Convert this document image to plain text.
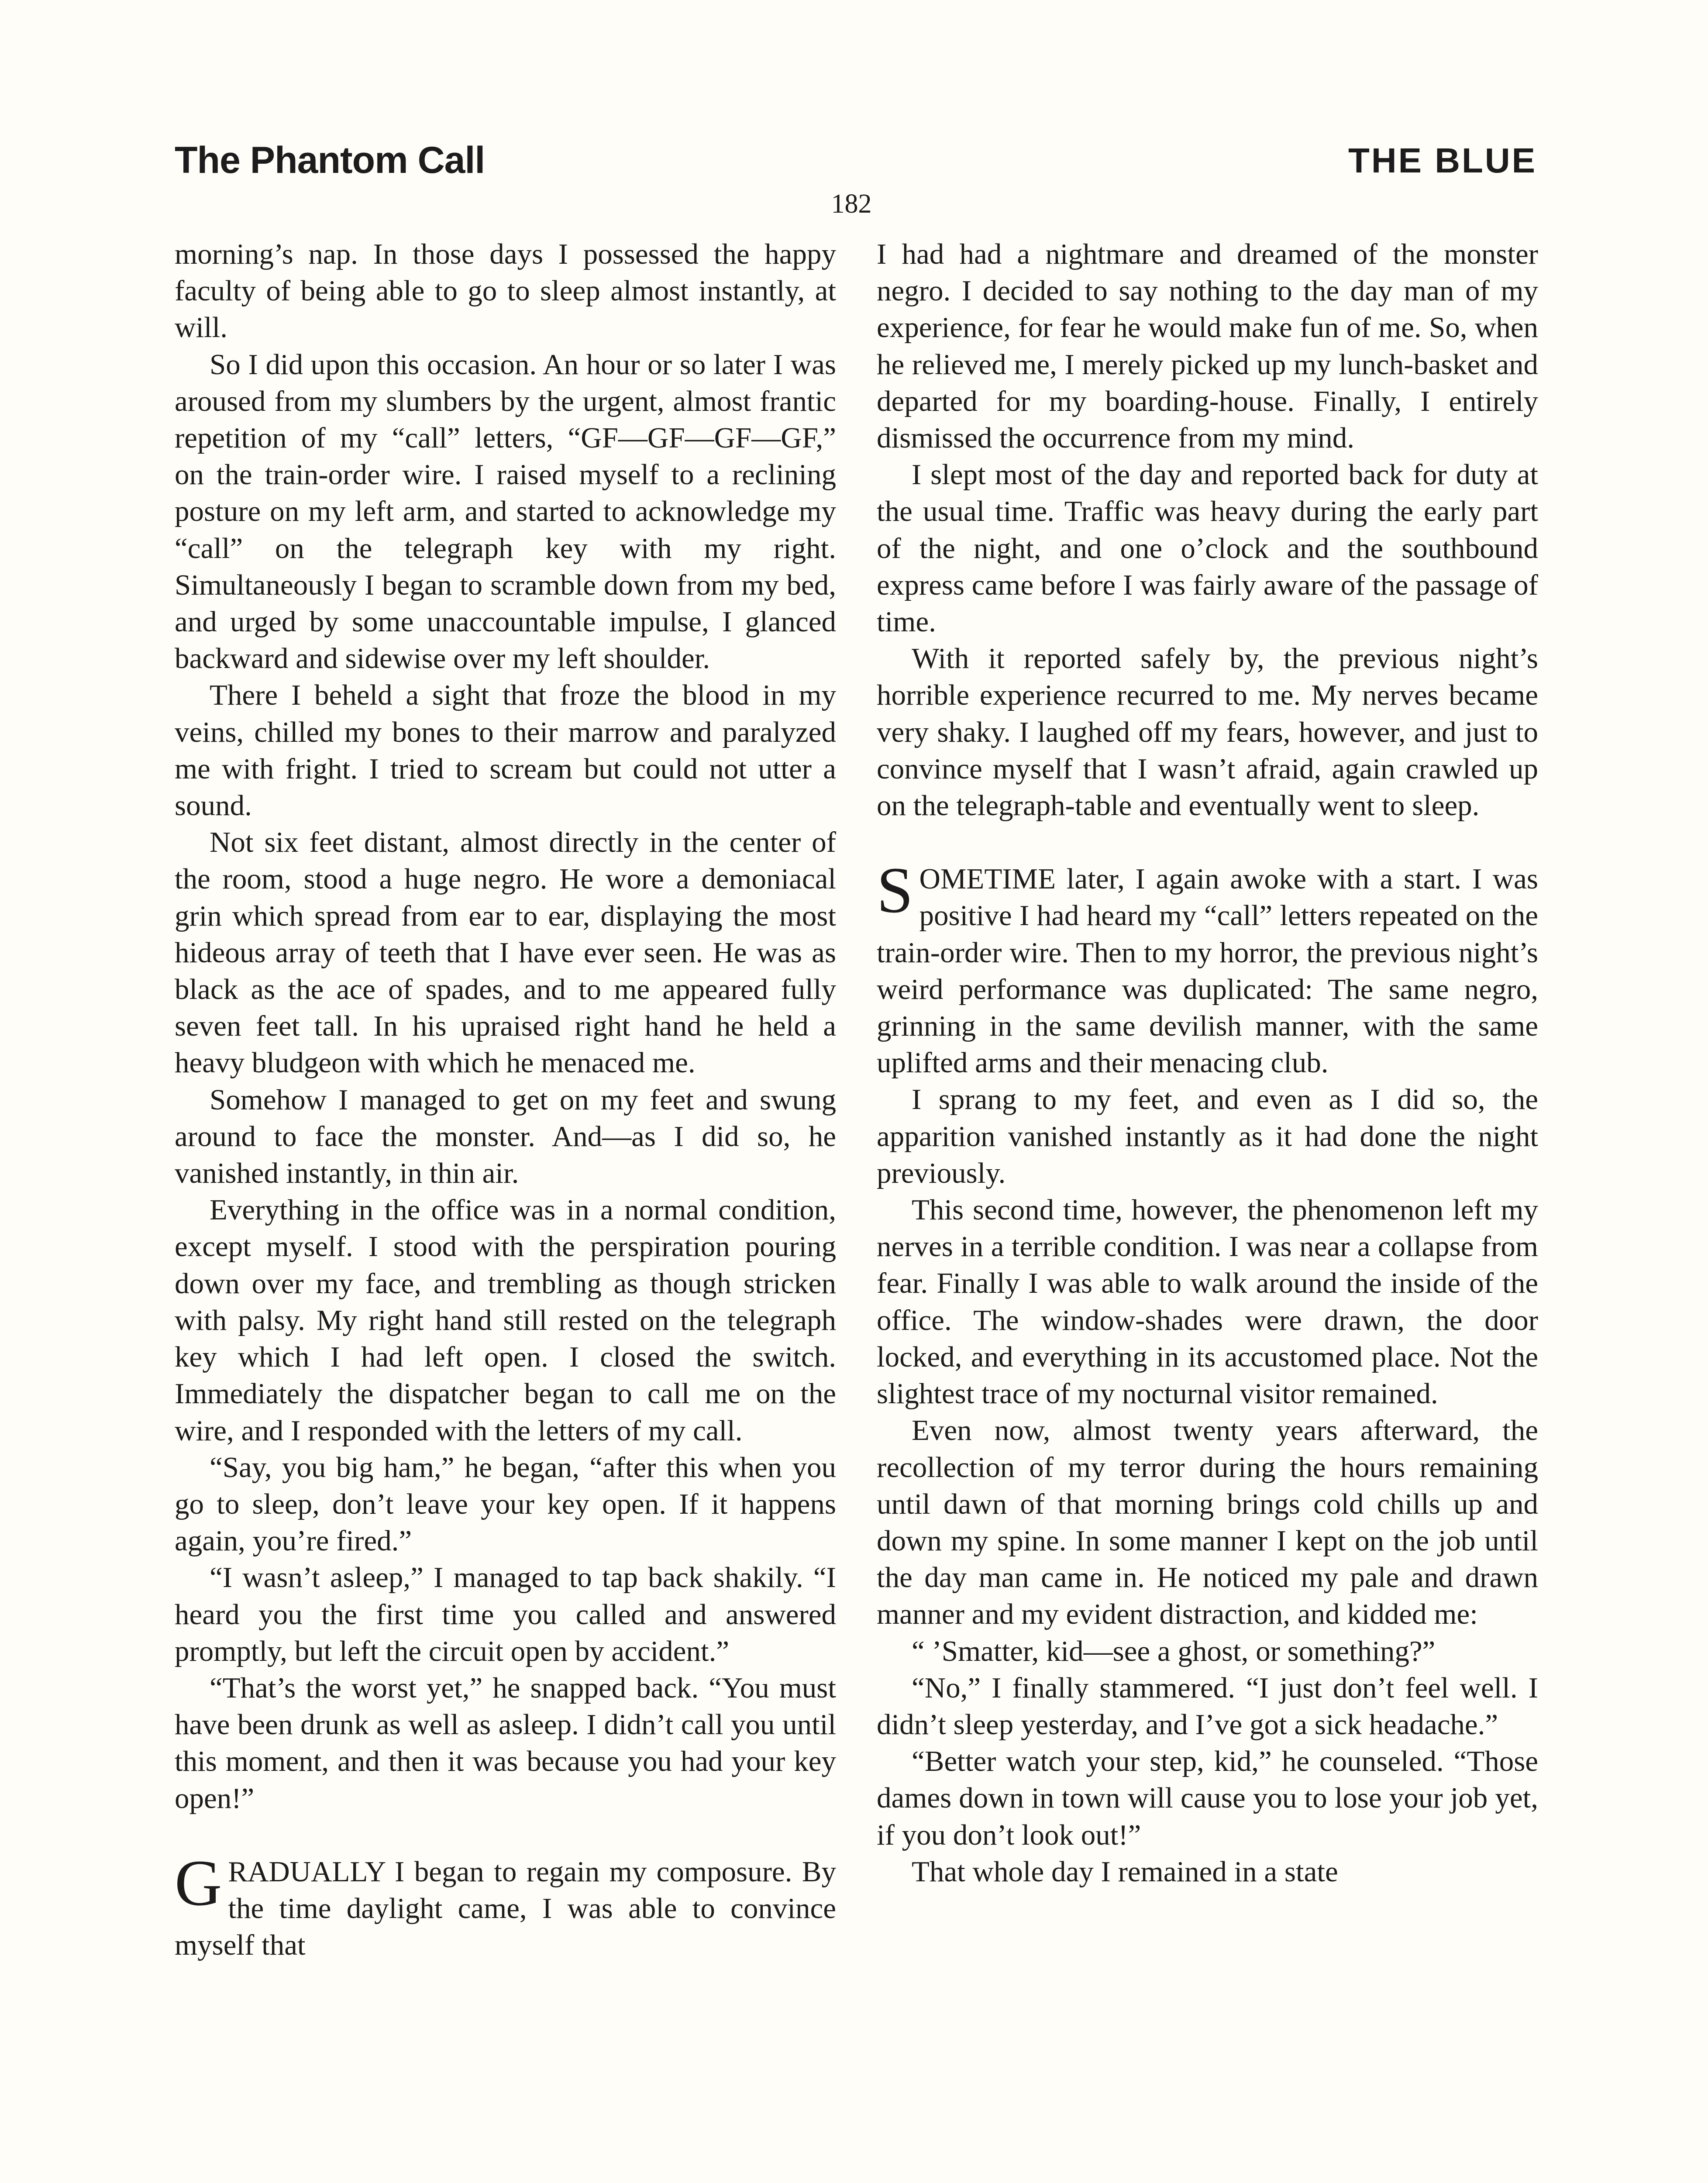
The Phantom Call	THE BLUE
182

morning’s nap. In those days I possessed the happy faculty of being able to go to sleep almost instantly, at will.

So I did upon this occasion. An hour or so later I was aroused from my slumbers by the urgent, almost frantic repetition of my “call” letters, “GF—GF—GF—GF,” on the train-order wire. I raised myself to a reclining posture on my left arm, and started to acknowledge my “call” on the telegraph key with my right. Simultaneously I began to scramble down from my bed, and urged by some unaccountable impulse, I glanced backward and sidewise over my left shoulder.

There I beheld a sight that froze the blood in my veins, chilled my bones to their marrow and paralyzed me with fright. I tried to scream but could not utter a sound.

Not six feet distant, almost directly in the center of the room, stood a huge negro. He wore a demoniacal grin which spread from ear to ear, displaying the most hideous array of teeth that I have ever seen. He was as black as the ace of spades, and to me appeared fully seven feet tall. In his upraised right hand he held a heavy bludgeon with which he menaced me.

Somehow I managed to get on my feet and swung around to face the monster. And—as I did so, he vanished instantly, in thin air.

Everything in the office was in a normal condition, except myself. I stood with the perspiration pouring down over my face, and trembling as though stricken with palsy. My right hand still rested on the telegraph key which I had left open. I closed the switch. Immediately the dispatcher began to call me on the wire, and I responded with the letters of my call.

“Say, you big ham,” he began, “after this when you go to sleep, don’t leave your key open. If it happens again, you’re fired.”

“I wasn’t asleep,” I managed to tap back shakily. “I heard you the first time you called and answered promptly, but left the circuit open by accident.”

“That’s the worst yet,” he snapped back. “You must have been drunk as well as asleep. I didn’t call you until this moment, and then it was because you had your key open!”

GRADUALLY I began to regain my composure. By the time daylight came, I was able to convince myself that

I had had a nightmare and dreamed of the monster negro. I decided to say nothing to the day man of my experience, for fear he would make fun of me. So, when he relieved me, I merely picked up my lunch-basket and departed for my boarding-house. Finally, I entirely dismissed the occurrence from my mind.

I slept most of the day and reported back for duty at the usual time. Traffic was heavy during the early part of the night, and one o’clock and the southbound express came before I was fairly aware of the passage of time.

With it reported safely by, the previous night’s horrible experience recurred to me. My nerves became very shaky. I laughed off my fears, however, and just to convince myself that I wasn’t afraid, again crawled up on the telegraph-table and eventually went to sleep.

SOMETIME later, I again awoke with a start. I was positive I had heard my “call” letters repeated on the train-order wire. Then to my horror, the previous night’s weird performance was duplicated: The same negro, grinning in the same devilish manner, with the same uplifted arms and their menacing club.

I sprang to my feet, and even as I did so, the apparition vanished instantly as it had done the night previously.

This second time, however, the phenomenon left my nerves in a terrible condition. I was near a collapse from fear. Finally I was able to walk around the inside of the office. The window-shades were drawn, the door locked, and everything in its accustomed place. Not the slightest trace of my nocturnal visitor remained.

Even now, almost twenty years afterward, the recollection of my terror during the hours remaining until dawn of that morning brings cold chills up and down my spine. In some manner I kept on the job until the day man came in. He noticed my pale and drawn manner and my evident distraction, and kidded me:

“ ’Smatter, kid—see a ghost, or something?”

“No,” I finally stammered. “I just don’t feel well. I didn’t sleep yesterday, and I’ve got a sick headache.”

“Better watch your step, kid,” he counseled. “Those dames down in town will cause you to lose your job yet, if you don’t look out!”

That whole day I remained in a state
